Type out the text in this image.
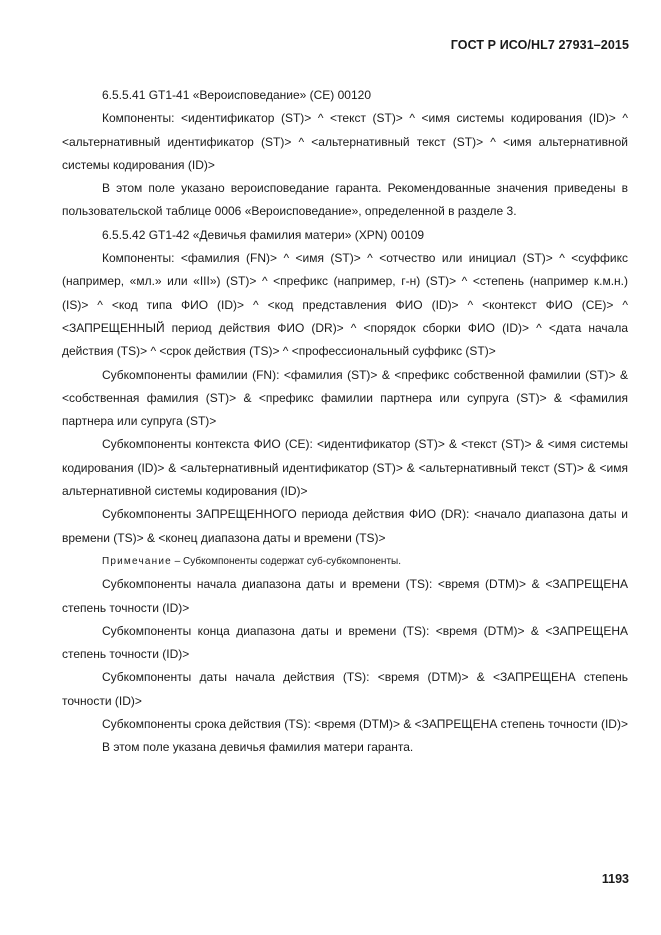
ГОСТ Р ИСО/HL7 27931–2015

6.5.5.41 GT1-41 «Вероисповедание» (CE) 00120

Компоненты: <идентификатор (ST)> ^ <текст (ST)> ^ <имя системы кодирования (ID)> ^ <альтернативный идентификатор (ST)> ^ <альтернативный текст (ST)> ^ <имя альтернативной системы кодирования (ID)>

В этом поле указано вероисповедание гаранта. Рекомендованные значения приведены в пользовательской таблице 0006 «Вероисповедание», определенной в разделе 3.

6.5.5.42 GT1-42 «Девичья фамилия матери» (XPN) 00109

Компоненты: <фамилия (FN)> ^ <имя (ST)> ^ <отчество или инициал (ST)> ^ <суффикс (например, «мл.» или «III») (ST)> ^ <префикс (например, г-н) (ST)> ^ <степень (например к.м.н.) (IS)> ^ <код типа ФИО (ID)> ^ <код представления ФИО (ID)> ^ <контекст ФИО (CE)> ^ <ЗАПРЕЩЕННЫЙ период действия ФИО (DR)> ^ <порядок сборки ФИО (ID)> ^ <дата начала действия (TS)> ^ <срок действия (TS)> ^ <профессиональный суффикс (ST)>

Субкомпоненты фамилии (FN): <фамилия (ST)> & <префикс собственной фамилии (ST)> & <собственная фамилия (ST)> & <префикс фамилии партнера или супруга (ST)> & <фамилия партнера или супруга (ST)>

Субкомпоненты контекста ФИО (CE): <идентификатор (ST)> & <текст (ST)> & <имя системы кодирования (ID)> & <альтернативный идентификатор (ST)> & <альтернативный текст (ST)> & <имя альтернативной системы кодирования (ID)>

Субкомпоненты ЗАПРЕЩЕННОГО периода действия ФИО (DR): <начало диапазона даты и времени (TS)> & <конец диапазона даты и времени (TS)>

Примечание – Субкомпоненты содержат суб-субкомпоненты.

Субкомпоненты начала диапазона даты и времени (TS): <время (DTM)> & <ЗАПРЕЩЕНА степень точности (ID)>

Субкомпоненты конца диапазона даты и времени (TS): <время (DTM)> & <ЗАПРЕЩЕНА степень точности (ID)>

Субкомпоненты даты начала действия (TS): <время (DTM)> & <ЗАПРЕЩЕНА степень точности (ID)>

Субкомпоненты срока действия (TS): <время (DTM)> & <ЗАПРЕЩЕНА степень точности (ID)>

В этом поле указана девичья фамилия матери гаранта.

1193
